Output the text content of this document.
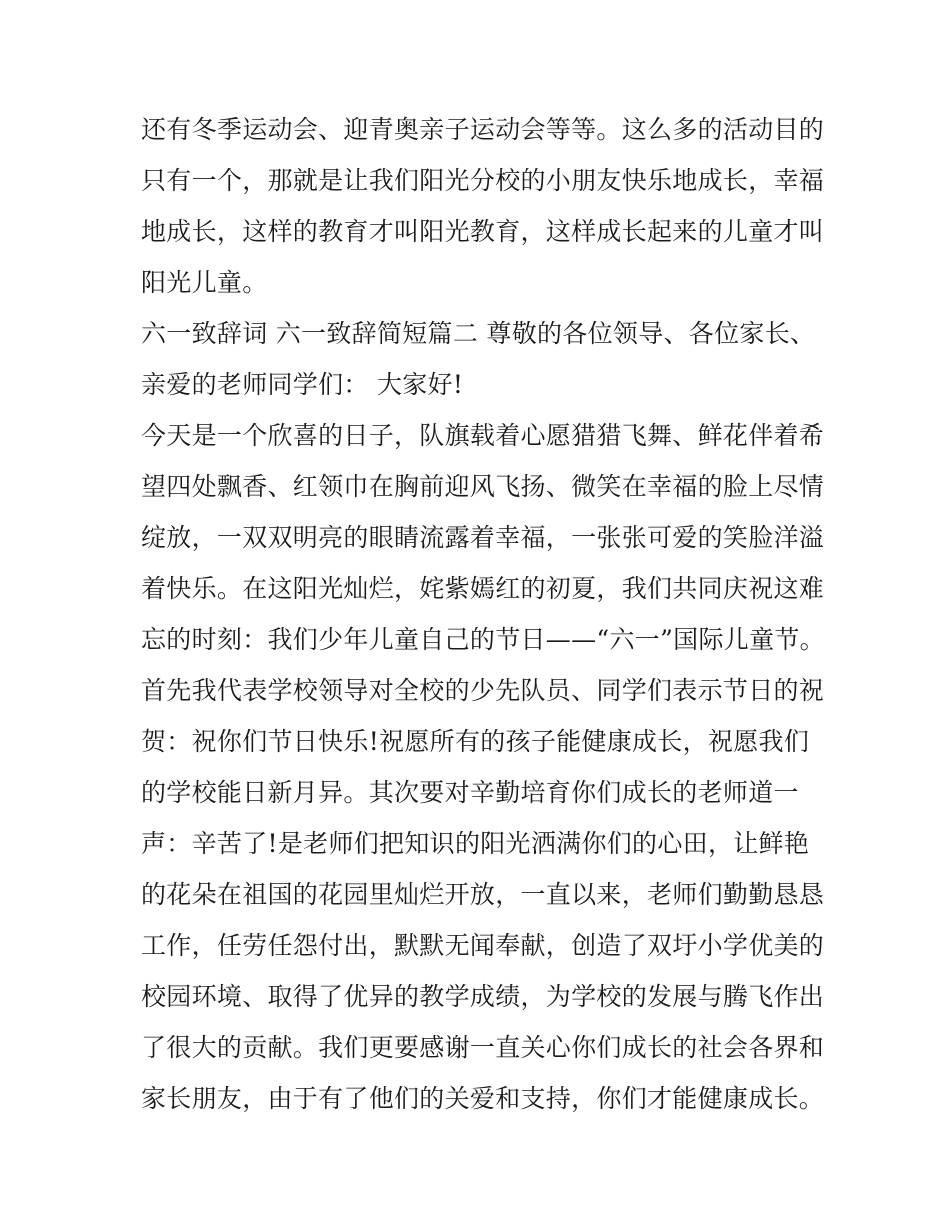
还有冬季运动会、迎青奥亲子运动会等等。这么多的活动目的
只有一个，那就是让我们阳光分校的小朋友快乐地成长，幸福
地成长，这样的教育才叫阳光教育，这样成长起来的儿童才叫
阳光儿童。
六一致辞词 六一致辞简短篇二 尊敬的各位领导、各位家长、
亲爱的老师同学们： 大家好!
今天是一个欣喜的日子，队旗载着心愿猎猎飞舞、鲜花伴着希
望四处飘香、红领巾在胸前迎风飞扬、微笑在幸福的脸上尽情
绽放，一双双明亮的眼睛流露着幸福，一张张可爱的笑脸洋溢
着快乐。在这阳光灿烂，姹紫嫣红的初夏，我们共同庆祝这难
忘的时刻：我们少年儿童自己的节日——“六一”国际儿童节。
首先我代表学校领导对全校的少先队员、同学们表示节日的祝
贺：祝你们节日快乐!祝愿所有的孩子能健康成长，祝愿我们
的学校能日新月异。其次要对辛勤培育你们成长的老师道一
声：辛苦了!是老师们把知识的阳光洒满你们的心田，让鲜艳
的花朵在祖国的花园里灿烂开放，一直以来，老师们勤勤恳恳
工作，任劳任怨付出，默默无闻奉献，创造了双圩小学优美的
校园环境、取得了优异的教学成绩，为学校的发展与腾飞作出
了很大的贡献。我们更要感谢一直关心你们成长的社会各界和
家长朋友，由于有了他们的关爱和支持，你们才能健康成长。
